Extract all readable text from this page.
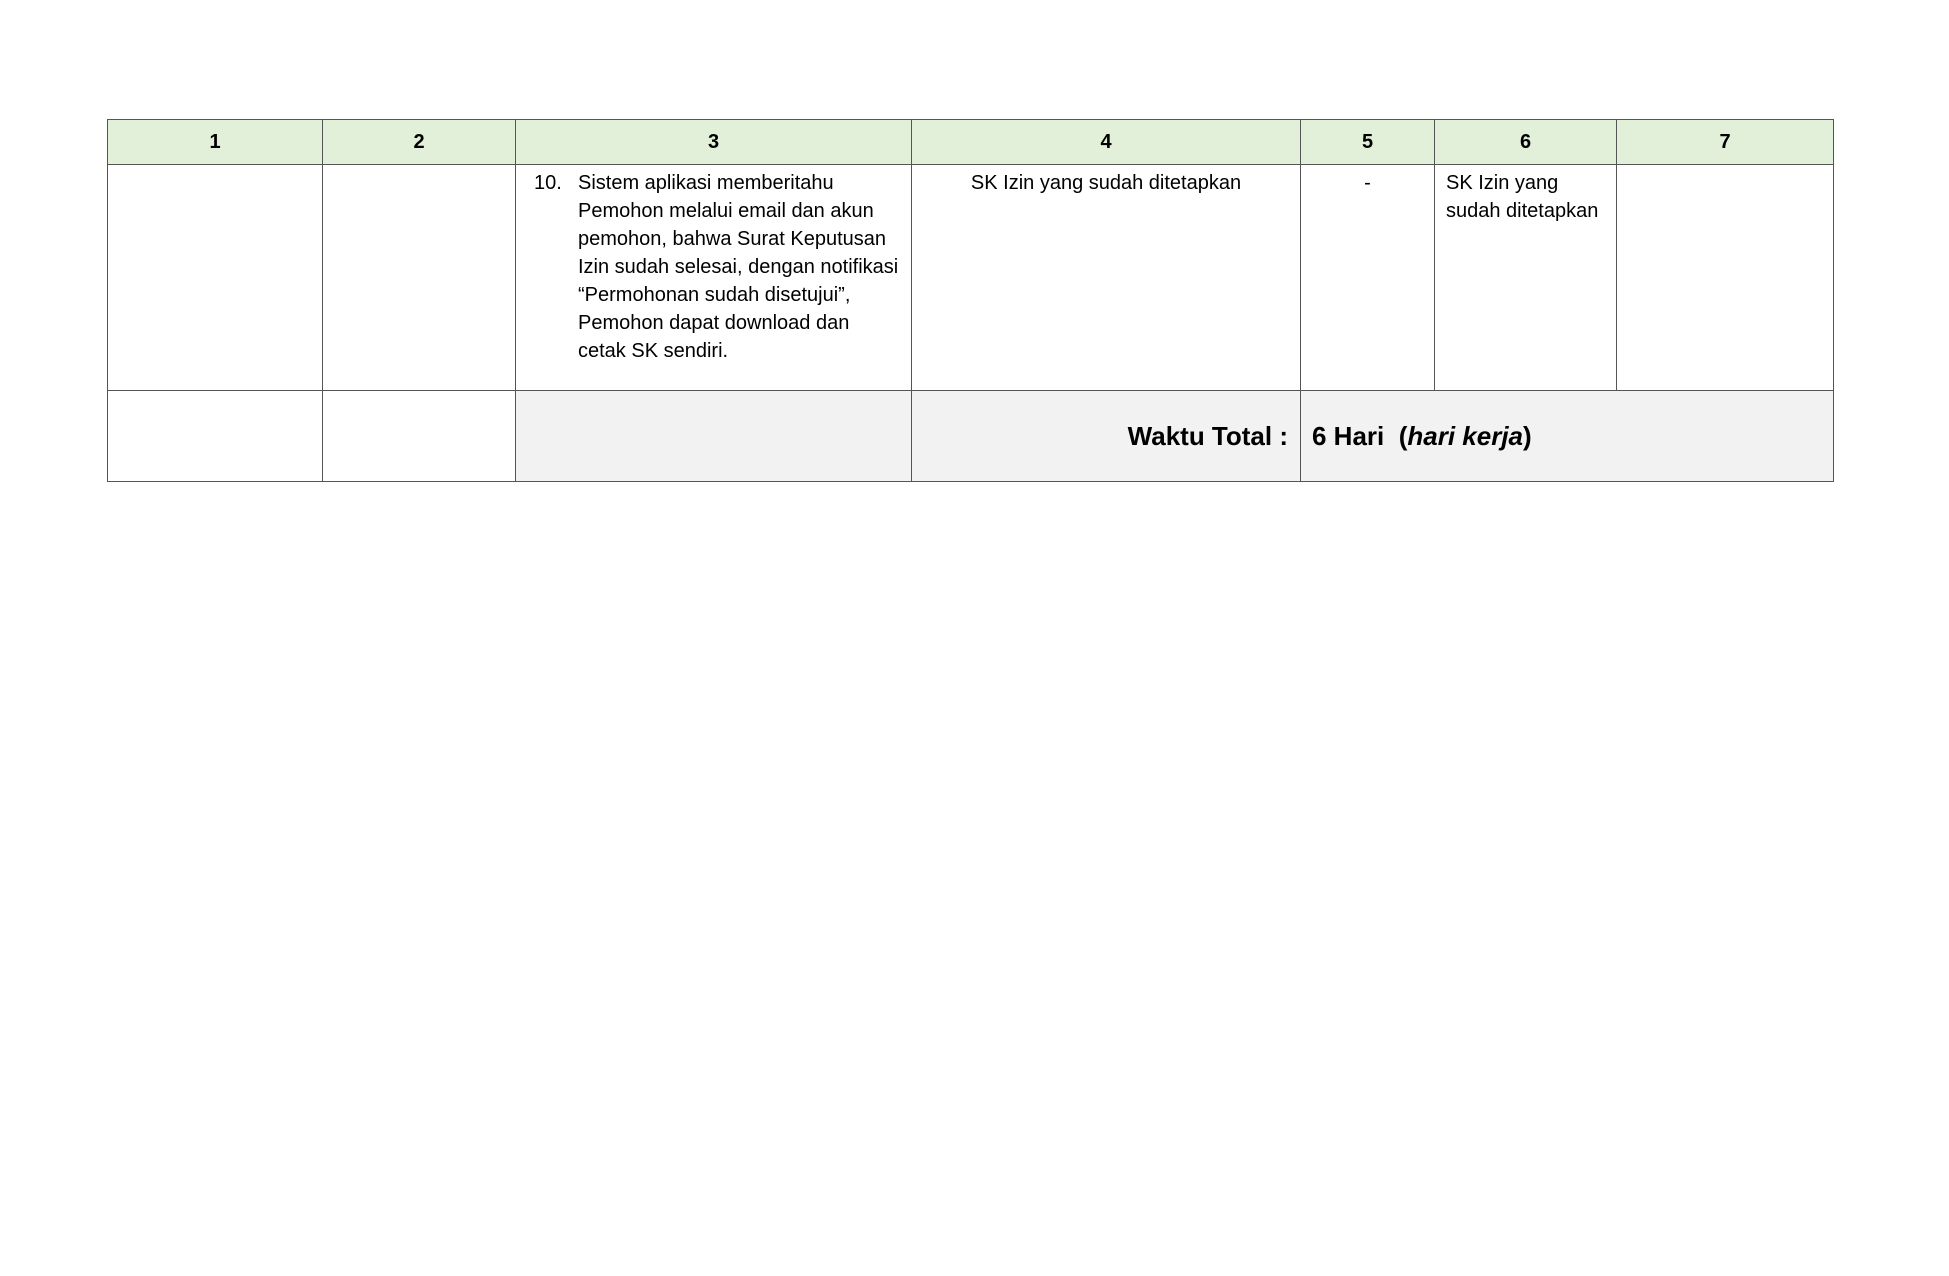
1	2	3	4	5	6	7

		10. Sistem aplikasi memberitahu Pemohon melalui email dan akun pemohon, bahwa Surat Keputusan Izin sudah selesai, dengan notifikasi “Permohonan sudah disetujui”, Pemohon dapat download dan cetak SK sendiri.	SK Izin yang sudah ditetapkan	-	SK Izin yang sudah ditetapkan	

			Waktu Total :	6 Hari  (hari kerja)		
